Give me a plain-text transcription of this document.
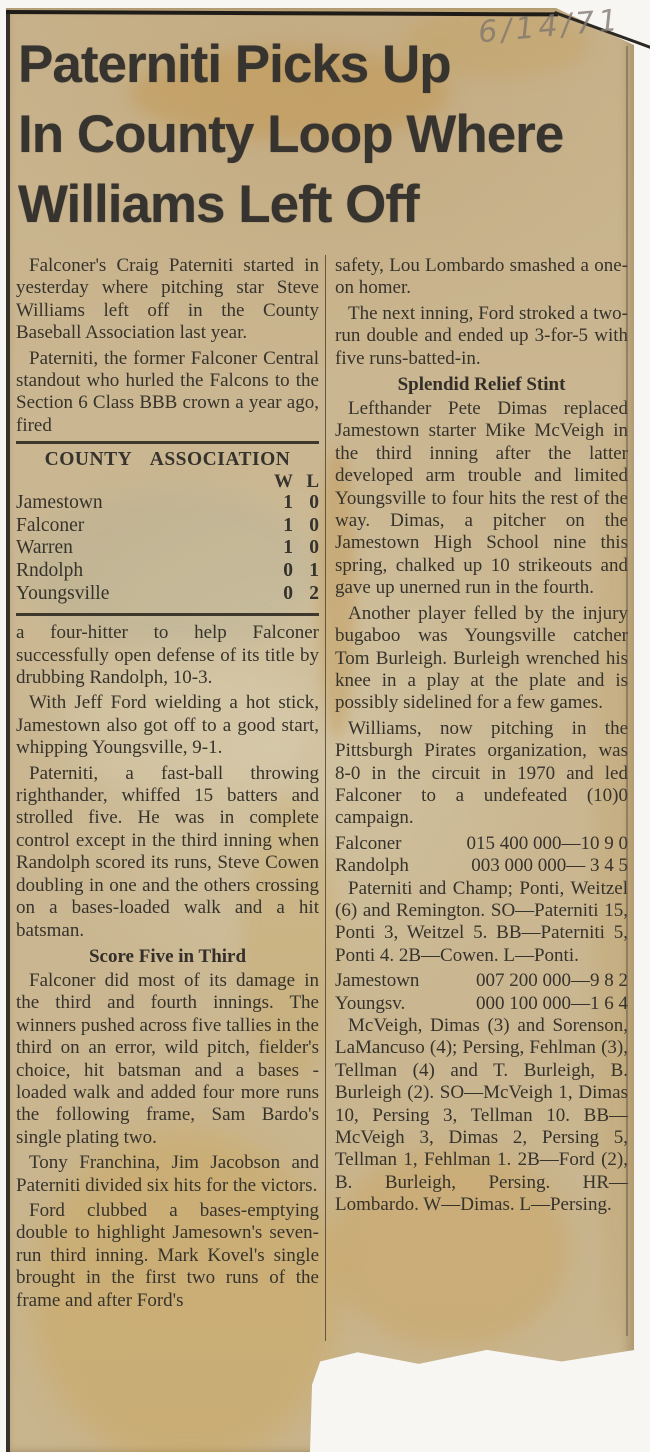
Paterniti Picks Up
In County Loop Where
Williams Left Off

Falconer's Craig Paterniti started in yesterday where pitching star Steve Williams left off in the County Baseball Association last year.

Paterniti, the former Falconer Central standout who hurled the Falcons to the Section 6 Class BBB crown a year ago, fired

COUNTY ASSOCIATION
W L
Jamestown	1 0
Falconer	1 0
Warren	1 0
Rndolph	0 1
Youngsville	0 2

a four-hitter to help Falconer successfully open defense of its title by drubbing Randolph, 10-3.

With Jeff Ford wielding a hot stick, Jamestown also got off to a good start, whipping Youngsville, 9-1.

Paterniti, a fast-ball throwing righthander, whiffed 15 batters and strolled five. He was in complete control except in the third inning when Randolph scored its runs, Steve Cowen doubling in one and the others crossing on a bases-loaded walk and a hit batsman.

Score Five in Third

Falconer did most of its damage in the third and fourth innings. The winners pushed across five tallies in the third on an error, wild pitch, fielder's choice, hit batsman and a bases - loaded walk and added four more runs the following frame, Sam Bardo's single plating two.

Tony Franchina, Jim Jacobson and Paterniti divided six hits for the victors.

Ford clubbed a bases-emptying double to highlight Jamesown's seven-run third inning. Mark Kovel's single brought in the first two runs of the frame and after Ford's

safety, Lou Lombardo smashed a one-on homer.

The next inning, Ford stroked a two-run double and ended up 3-for-5 with five runs-batted-in.

Splendid Relief Stint

Lefthander Pete Dimas replaced Jamestown starter Mike McVeigh in the third inning after the latter developed arm trouble and limited Youngsville to four hits the rest of the way. Dimas, a pitcher on the Jamestown High School nine this spring, chalked up 10 strikeouts and gave up unerned run in the fourth.

Another player felled by the injury bugaboo was Youngsville catcher Tom Burleigh. Burleigh wrenched his knee in a play at the plate and is possibly sidelined for a few games.

Williams, now pitching in the Pittsburgh Pirates organization, was 8-0 in the circuit in 1970 and led Falconer to a undefeated (10)0 campaign.

Falconer	015 400 000—10 9 0
Randolph	003 000 000— 3 4 5

Paterniti and Champ; Ponti, Weitzel (6) and Remington. SO—Paterniti 15, Ponti 3, Weitzel 5. BB—Paterniti 5, Ponti 4. 2B—Cowen. L—Ponti.

Jamestown	007 200 000—9 8 2
Youngsv.	000 100 000—1 6 4

McVeigh, Dimas (3) and Sorenson, LaMancuso (4); Persing, Fehlman (3), Tellman (4) and T. Burleigh, B. Burleigh (2). SO—McVeigh 1, Dimas 10, Persing 3, Tellman 10. BB—McVeigh 3, Dimas 2, Persing 5, Tellman 1, Fehlman 1. 2B—Ford (2), B. Burleigh, Persing. HR—Lombardo. W—Dimas. L—Persing.

6/14/71
